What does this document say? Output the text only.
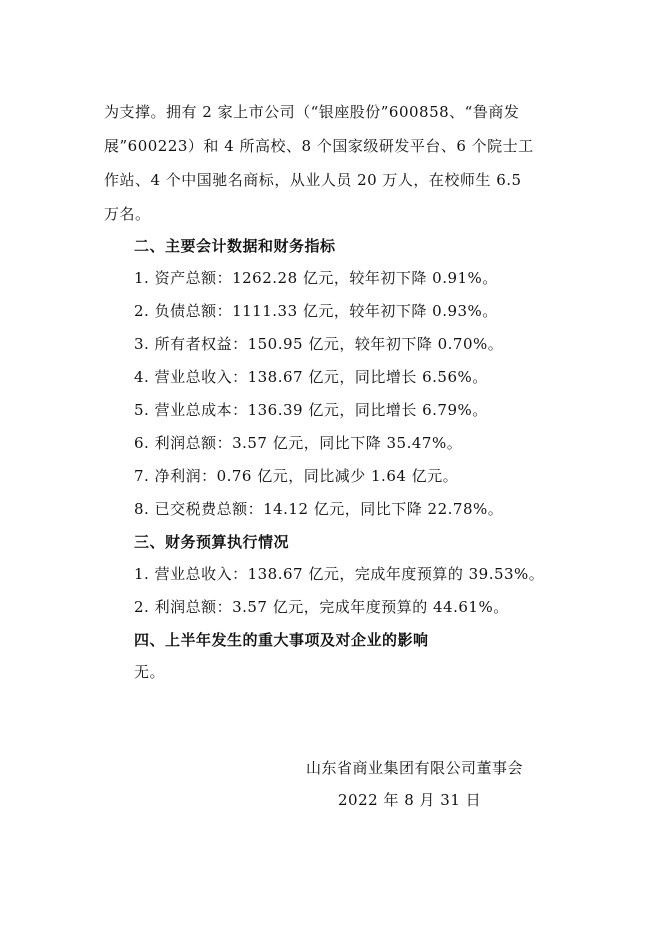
为支撑。拥有 2 家上市公司（“银座股份”600858、“鲁商发
展”600223）和 4 所高校、8 个国家级研发平台、6 个院士工
作站、4 个中国驰名商标，从业人员 20 万人，在校师生 6.5
万名。
二、主要会计数据和财务指标
1. 资产总额：1262.28 亿元，较年初下降 0.91%。
2. 负债总额：1111.33 亿元，较年初下降 0.93%。
3. 所有者权益：150.95 亿元，较年初下降 0.70%。
4. 营业总收入：138.67 亿元，同比增长 6.56%。
5. 营业总成本：136.39 亿元，同比增长 6.79%。
6. 利润总额：3.57 亿元，同比下降 35.47%。
7. 净利润：0.76 亿元，同比减少 1.64 亿元。
8. 已交税费总额：14.12 亿元，同比下降 22.78%。
三、财务预算执行情况
1. 营业总收入：138.67 亿元，完成年度预算的 39.53%。
2. 利润总额：3.57 亿元，完成年度预算的 44.61%。
四、上半年发生的重大事项及对企业的影响
无。
山东省商业集团有限公司董事会
2022 年 8 月 31 日
